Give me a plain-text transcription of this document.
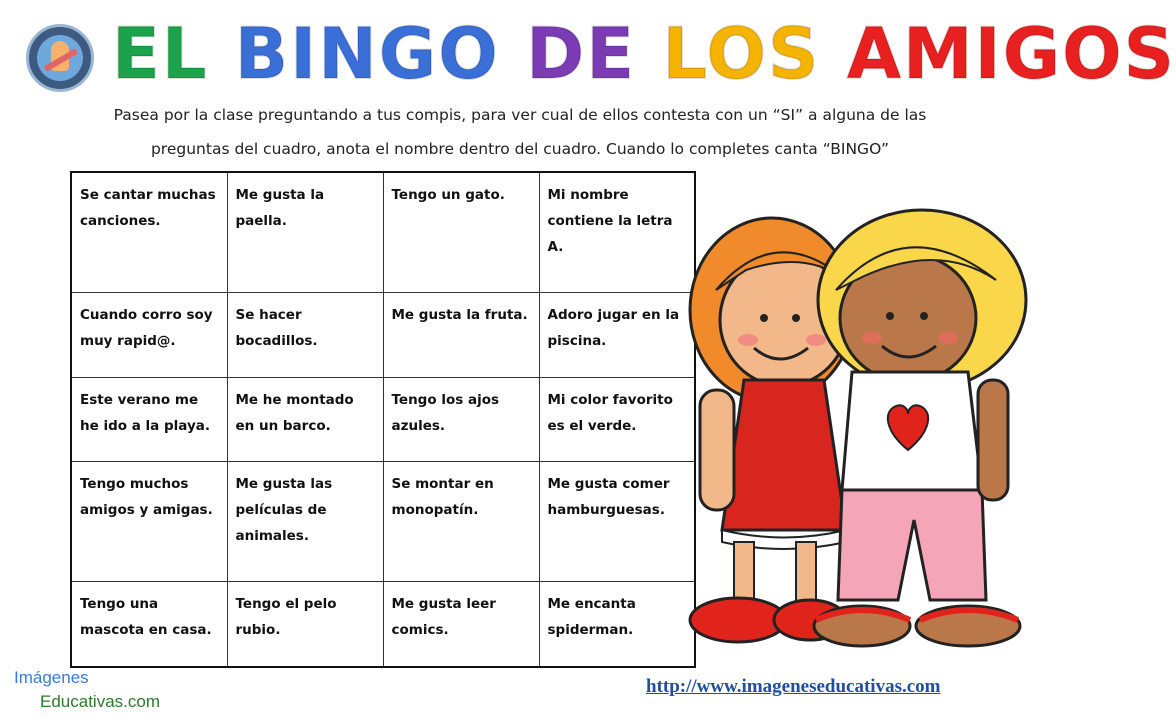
EL BINGO DE LOS AMIGOS
Pasea por la clase preguntando a tus compis, para ver cual de ellos contesta con un “SI” a alguna de las
preguntas del cuadro, anota el nombre dentro del cuadro. Cuando lo completes canta “BINGO”
Se cantar muchas canciones.	Me gusta la paella.	Tengo un gato.	Mi nombre contiene la letra A.
Cuando corro soy muy rapid@.	Se hacer bocadillos.	Me gusta la fruta.	Adoro jugar en la piscina.
Este verano me he ido a la playa.	Me he montado en un barco.	Tengo los ajos azules.	Mi color favorito es el verde.
Tengo muchos amigos y amigas.	Me gusta las películas de animales.	Se montar en monopatín.	Me gusta comer hamburguesas.
Tengo una mascota en casa.	Tengo el pelo rubio.	Me gusta leer comics.	Me encanta spiderman.
Imágenes
Educativas.com
http://www.imageneseducativas.com
